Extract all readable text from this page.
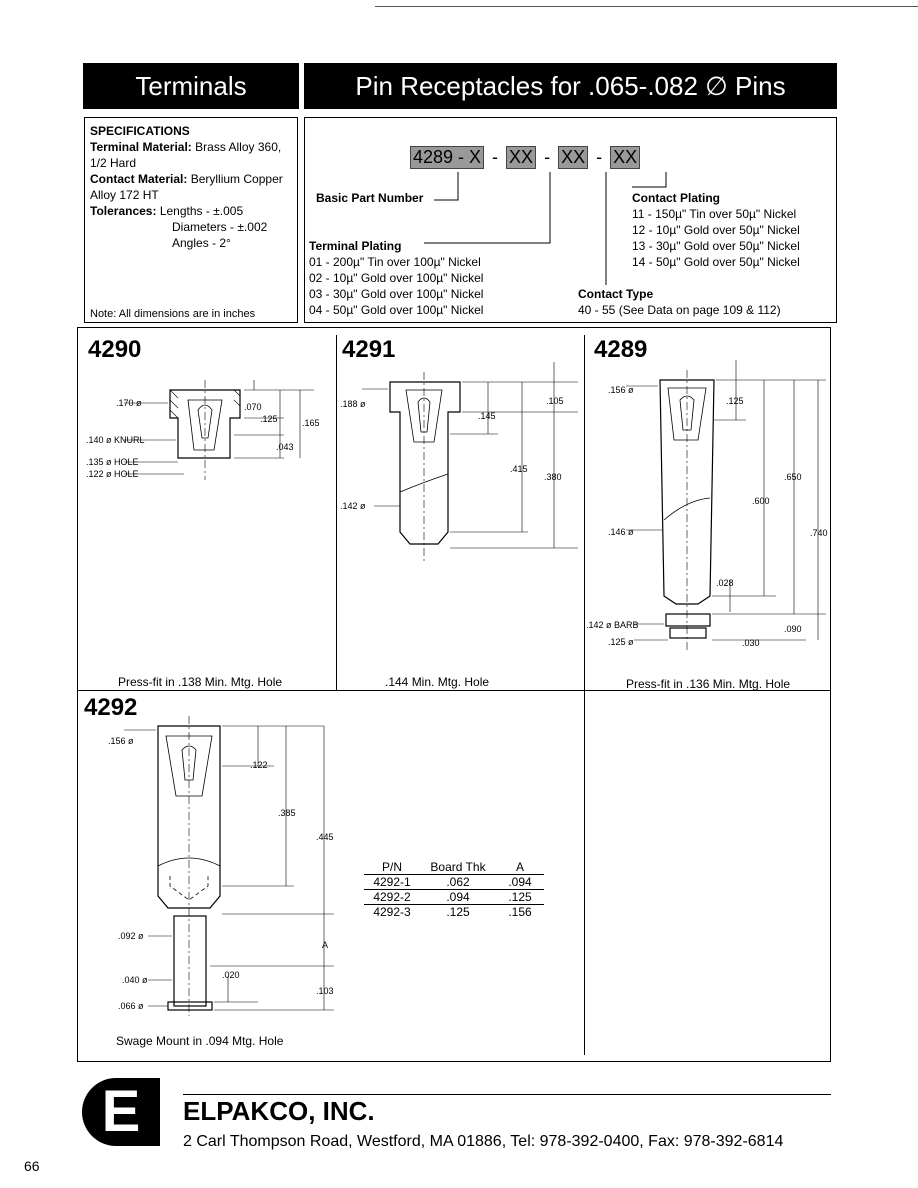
Terminals	Pin Receptacles for .065-.082 ∅ Pins
SPECIFICATIONS
Terminal Material: Brass Alloy 360, 1/2 Hard
Contact Material: Beryllium Copper Alloy 172 HT
Tolerances: Lengths - ±.005
Diameters - ±.002
Angles - 2°
Note: All dimensions are in inches
4289 - X - XX - XX - XX
Basic Part Number
Terminal Plating
01 - 200µ" Tin over 100µ" Nickel
02 - 10µ" Gold over 100µ" Nickel
03 - 30µ" Gold over 100µ" Nickel
04 - 50µ" Gold over 100µ" Nickel
Contact Plating
11 - 150µ" Tin over 50µ" Nickel
12 - 10µ" Gold over 50µ" Nickel
13 - 30µ" Gold over 50µ" Nickel
14 - 50µ" Gold over 50µ" Nickel
Contact Type
40 - 55 (See Data on page 109 & 112)
4290	4291	4289
4292
.170 ø
.140 ø KNURL
.135 ø HOLE
.122 ø HOLE
.070
.125	.165
.043
.188 ø
.142 ø
.145
.105
.415
.380
.156 ø
.146 ø
.142 ø BARB
.125 ø
.125
.650
.600
.740
.028
.090
.030
.156 ø
.122
.385
.445
.092 ø
A
.040 ø	.020
.103
.066 ø
Press-fit in .138 Min. Mtg. Hole	.144 Min. Mtg. Hole	Press-fit in .136 Min. Mtg. Hole
Swage Mount in .094 Mtg. Hole
P/N	Board Thk	A
4292-1	.062	.094
4292-2	.094	.125
4292-3	.125	.156
E ELPAKCO, INC.
2 Carl Thompson Road, Westford, MA 01886, Tel: 978-392-0400, Fax: 978-392-6814
66
